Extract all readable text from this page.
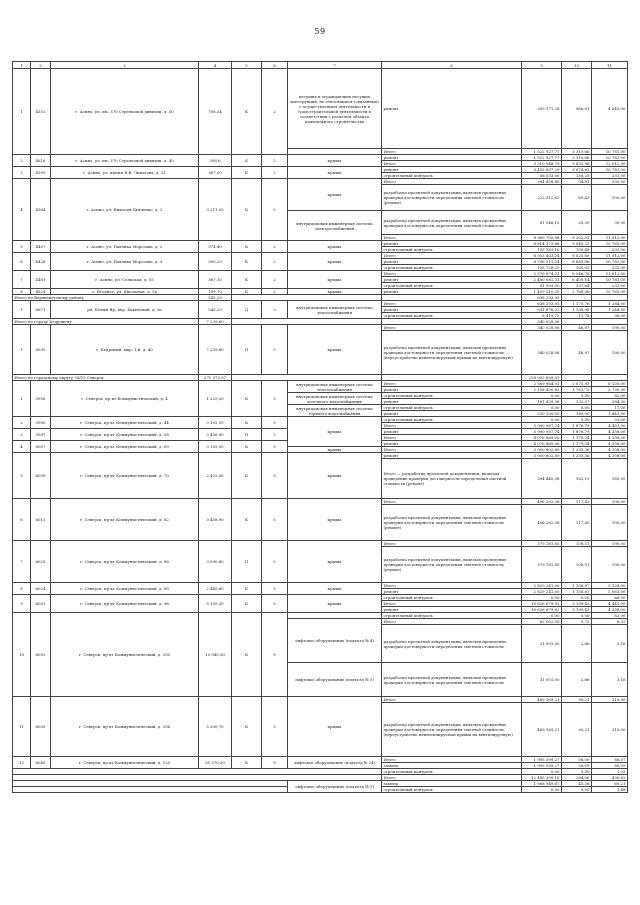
59
1	2	3	4	5	6	7	8	9	10	11
1	4552	г. Асино, ул. им. 370 Стрелковой дивизии, д. 50	708,34	К	2	несущих и ограждающих несущих конструкций, не относящихся (связанных) с осуществлением деятельности в градостроительной деятельности в соответствии с разделом объекта капитального строительства	ремонт	399 171,28	966,81	4 043,00
							Итого	1 522 927,77	3 319,66	10 781,00
2	4616	г. Асино, ул. им. 370 Стрелковой дивизии, д. 40	398,6	К	2	крыша	ремонт	1 322 927,77	3 319,66	10 781,00
							Итого	3 310 548,79	9 832,96	12 012,00
3	4599	г. Асино, ул. имени В.В. Липатова, д. 21	367,00	К	2	крыша	ремонт	3 455 837,29	9 674,62	10 781,00
							строительный контроль	56 533,00	158,29	231,00
4	4564	г. Асино, ул. Николая Дьяченко, д. 2	3 211,30	К	5	крыша	Итого	304 458,80	94,81	335,00
							разработка проектной документации, включая проведение проверки достоверности определения сметной стоимости (ремонт)	222 912,63	69,43	190,00
						внутридомовая инженерная система электроснабжения	разработка проектной документации, включая проведение проверки достоверности определения сметной стоимости	81 546,15	25,39	30,00
							Итого	8 969 755,98	9 202,33	11 012,00
5	4457	г. Асино, ул. Павлика Морозова, д. 2	974,40	К	2	крыша	ремонт	8 814 373,88	9 045,25	10 781,00
							строительный контроль	155 381,10	159,48	231,00
6	4428	г. Асино, ул. Павлика Морозова, д. 3	990,20	К	2	крыша	Итого	8 953 403,24	9 025,89	11 012,00
							ремонт	8 796 311,04	8 865,86	10 781,00
							строительный контроль	158 728,20	160,03	231,00
7	4481	г. Асино, ул. Сельская, д. 55	367,10	К	2	крыша	Итого	2 576 074,31	6 546,78	11 012,00
							ремонт	2 480 081,31	6 409,14	10 781,00
							строительный контроль	51 993,00	137,64	231,00
8	4624	с. Ягодное, ул. Школьная, д. 3а	109,70	К	2	крыша	ремонт	1 409 210,20	2 768,06	10 781,00
Итого по Верхнекетскому району			545,20					638 293,95		
1	6671	рп. Белый Яр, пер. Бакенский, д. 9а	545,20	Д	3	внутридомовая инженерная система теплоснабжения	Итого	638 293,95	1 170,76	1 284,00
							ремонт	631 876,22	1 158,98	1 248,00
							строительный контроль	6 419,73	11,78	36,00
Итого по городу Кедровому			7 239,60					340 028,06		
1	5035	г. Кедровый, мкр. 1-й, д. 40	7 239,60	П	5	крыша	Итого	340 028,06	46,97	190,00
							разработка проектной документации, включая проведение проверки достоверности определения сметной стоимости (переустройство невентилируемой крыши на вентилируемую)	340 028,06	46,97	190,00
Итого по городскому округу ЗАТО Северск			271 372,97					258 002 658,53		
1	3956	г. Северск, пр-кт Коммунистический, д. 4	1 225,20	К	5	внутридомовая инженерная система теплоснабжения	Итого	2 569 964,91	2 075,93	6 135,00
							ремонт	2 158 490,83	1 761,73	2 730,00
						внутридомовая инженерная система холодного водоснабжения	строительный контроль	0,00	0,00	82,00
							ремонт	161 439,38	132,07	584,00
						внутридомовая инженерная система горячего водоснабжения	строительный контроль	0,00	0,00	17,00
							ремонт	250 135,00	180,00	1 441,00
2	3990	г. Северск, пр-кт Коммунистический, д. 44	3 192,10	К	5	крыша	строительный контроль	0,00	0,00	33,00
							Итого	5 990 987,74	1 876,79	4 451,00
3	5997	г. Северск, пр-кт Коммунистический, д. 58	3 456,90	П	5		ремонт	5 990 987,74	1 876,79	4 358,00
							Итого	4 076 865,00	1 179,34	4 358,00
4	6007	г. Северск, пр-кт Коммунистический, д. 69	3 159,50	К	5		ремонт	4 076 865,00	1 179,34	4 358,00
						крыша	Итого	3 900 802,89	1 235,36	4 358,00
5	6008	г. Северск, пр-кт Коммунистический, д. 70	2 432,00	К	9	крыша	ремонт	3 900 802,89	1 235,36	4 358,00
							Итого — разработка проектной документации, включая проведение проверки достоверности определения сметной стоимости (ремонт)	394 440,38	162,19	185,00
6	6015	г. Северск, пр-кт Коммунистический, д. 82	3 458,90	К	5	крыша	Итого	406 262,36	117,43	190,00
							разработка проектной документации, включая проведение проверки достоверности определения сметной стоимости (ремонт)	406 262,36	117,45	190,00
7	6025	г. Северск, пр-кт Коммунистический, д. 88	3 590,80	П	5	крыша	Итого	379 181,85	108,51	190,00
							разработка проектной документации, включая проведение проверки достоверности определения сметной стоимости (ремонт)	379 181,85	108,51	190,00
8	6024	г. Северск, пр-кт Коммунистический, д. 89	2 445,60	К	5	крыша	Итого	2 829 241,00	1 156,87	5 128,00
							ремонт	2 829 241,00	1 156,87	5 061,00
9	6051	г. Северск, пр-кт Коммунистический, д. 98	5 195,39	К	5	крыша	строительный контроль	0,00	0,00	66,00
							Итого	16 626 679,92	3 199,43	4 441,00
							ремонт	16 626 679,92	3 199,43	4 358,00
10	6053	г. Северск, пр-кт Коммунистический, д. 100	10 940,30	К	9		строительный контроль	0,00	0,00	83,00
						лифтовое оборудование (подъезд № 4)	Итого	62 002,00	5,72	6,32
							разработка проектной документации, включая проведение проверки достоверности определения сметной стоимости	31 001,00	2,86	3,16
						лифтовое оборудование (подъезд № 5)	разработка проектной документации, включая проведение проверки достоверности определения сметной стоимости	31 001,00	2,86	3,16
11	6035	г. Северск, пр-кт Коммунистический, д. 106	5 200,70	К	5	крыша	Итого	469 169,21	90,21	315,00
							разработка проектной документации, включая проведение проверки достоверности определения сметной стоимости (переустройство невентилируемой крыши на вентилируемую)	469 169,21	90,21	315,00
12	6045	г. Северск, пр-кт Коммунистический, д. 120	35 370,50	К	9	лифтовое оборудование (подъезд № 24)	Итого	1 995 399,27	56,09	86,07
							замена	1 995 399,27	56,09	85,05
							строительный контроль	0,00	0,00	1,02
							Итого	12 485 309,18	284,06	430,62
						лифтовое оборудование (подъезд № 1)	замена	1 968 949,67	45,56	69,21
							строительный контроль	0,00	0,00	1,48
